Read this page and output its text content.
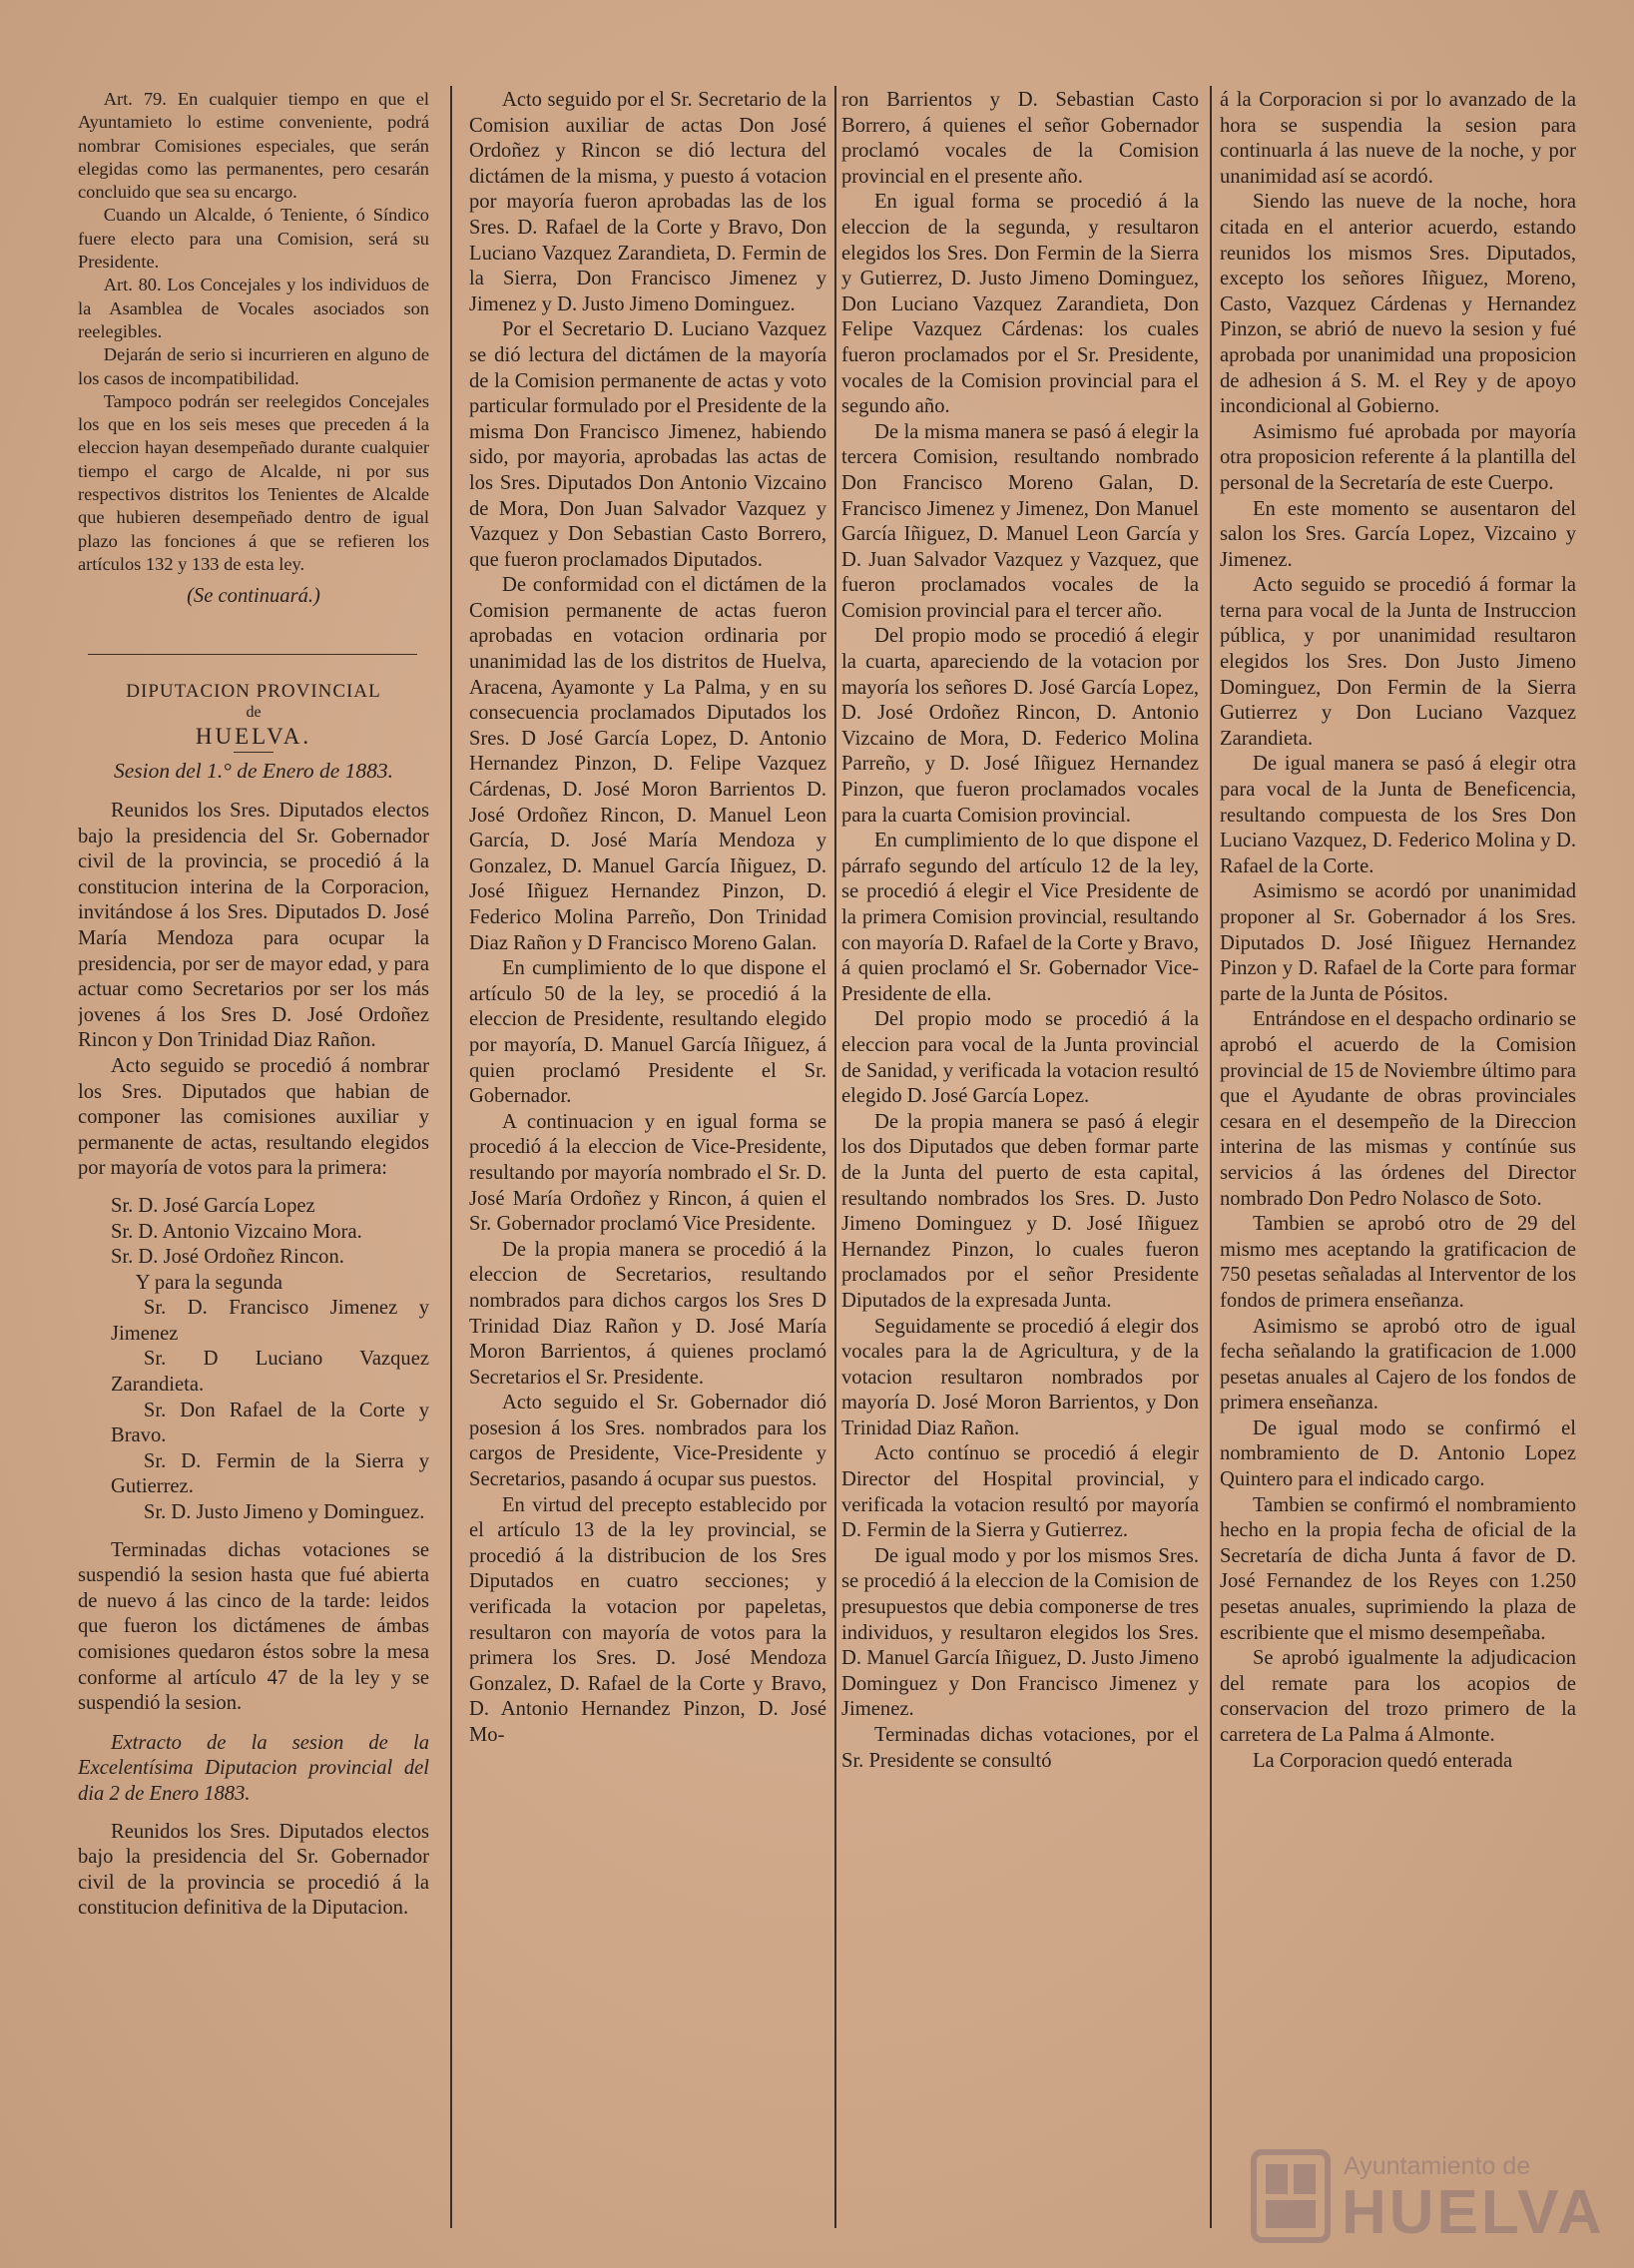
Art. 79. En cualquier tiempo en que el Ayuntamieto lo estime conveniente, podrá nombrar Comisiones especiales, que serán elegidas como las permanentes, pero cesarán concluido que sea su encargo.

Cuando un Alcalde, ó Teniente, ó Síndico fuere electo para una Comision, será su Presidente.

Art. 80. Los Concejales y los individuos de la Asamblea de Vocales asociados son reelegibles.

Dejarán de serio si incurrieren en alguno de los casos de incompatibilidad.

Tampoco podrán ser reelegidos Concejales los que en los seis meses que preceden á la eleccion hayan desempeñado durante cualquier tiempo el cargo de Alcalde, ni por sus respectivos distritos los Tenientes de Alcalde que hubieren desempeñado dentro de igual plazo las fonciones á que se refieren los artículos 132 y 133 de esta ley.

(Se continuará.)
DIPUTACION PROVINCIAL
de
HUELVA.
Sesion del 1.° de Enero de 1883.

Reunidos los Sres. Diputados electos bajo la presidencia del Sr. Gobernador civil de la provincia, se procedió á la constitucion interina de la Corporacion, invitándose á los Sres. Diputados D. José María Mendoza para ocupar la presidencia, por ser de mayor edad, y para actuar como Secretarios por ser los más jovenes á los Sres D. José Ordoñez Rincon y Don Trinidad Diaz Rañon.

Acto seguido se procedió á nombrar los Sres. Diputados que habian de componer las comisiones auxiliar y permanente de actas, resultando elegidos por mayoría de votos para la primera:

Sr. D. José García Lopez

Sr. D. Antonio Vizcaino Mora.

Sr. D. José Ordoñez Rincon.

Y para la segunda

Sr. D. Francisco Jimenez y Jimenez

Sr. D Luciano Vazquez Zarandieta.

Sr. Don Rafael de la Corte y Bravo.

Sr. D. Fermin de la Sierra y Gutierrez.

Sr. D. Justo Jimeno y Dominguez.

Terminadas dichas votaciones se suspendió la sesion hasta que fué abierta de nuevo á las cinco de la tarde: leidos que fueron los dictámenes de ámbas comisiones quedaron éstos sobre la mesa conforme al artículo 47 de la ley y se suspendió la sesion.

Extracto de la sesion de la Excelentísima Diputacion provincial del dia 2 de Enero 1883.

Reunidos los Sres. Diputados electos bajo la presidencia del Sr. Gobernador civil de la provincia se procedió á la constitucion definitiva de la Diputacion.

Acto seguido por el Sr. Secretario de la Comision auxiliar de actas Don José Ordoñez y Rincon se dió lectura del dictámen de la misma, y puesto á votacion por mayoría fueron aprobadas las de los Sres. D. Rafael de la Corte y Bravo, Don Luciano Vazquez Zarandieta, D. Fermin de la Sierra, Don Francisco Jimenez y Jimenez y D. Justo Jimeno Dominguez.

Por el Secretario D. Luciano Vazquez se dió lectura del dictámen de la mayoría de la Comision permanente de actas y voto particular formulado por el Presidente de la misma Don Francisco Jimenez, habiendo sido, por mayoria, aprobadas las actas de los Sres. Diputados Don Antonio Vizcaino de Mora, Don Juan Salvador Vazquez y Vazquez y Don Sebastian Casto Borrero, que fueron proclamados Diputados.

De conformidad con el dictámen de la Comision permanente de actas fueron aprobadas en votacion ordinaria por unanimidad las de los distritos de Huelva, Aracena, Ayamonte y La Palma, y en su consecuencia proclamados Diputados los Sres. D José García Lopez, D. Antonio Hernandez Pinzon, D. Felipe Vazquez Cárdenas, D. José Moron Barrientos D. José Ordoñez Rincon, D. Manuel Leon García, D. José María Mendoza y Gonzalez, D. Manuel García Iñiguez, D. José Iñiguez Hernandez Pinzon, D. Federico Molina Parreño, Don Trinidad Diaz Rañon y D Francisco Moreno Galan.

En cumplimiento de lo que dispone el artículo 50 de la ley, se procedió á la eleccion de Presidente, resultando elegido por mayoría, D. Manuel García Iñiguez, á quien proclamó Presidente el Sr. Gobernador.

A continuacion y en igual forma se procedió á la eleccion de Vice-Presidente, resultando por mayoría nombrado el Sr. D. José María Ordoñez y Rincon, á quien el Sr. Gobernador proclamó Vice Presidente.

De la propia manera se procedió á la eleccion de Secretarios, resultando nombrados para dichos cargos los Sres D Trinidad Diaz Rañon y D. José María Moron Barrientos, á quienes proclamó Secretarios el Sr. Presidente.

Acto seguido el Sr. Gobernador dió posesion á los Sres. nombrados para los cargos de Presidente, Vice-Presidente y Secretarios, pasando á ocupar sus puestos.

En virtud del precepto establecido por el artículo 13 de la ley provincial, se procedió á la distribucion de los Sres Diputados en cuatro secciones; y verificada la votacion por papeletas, resultaron con mayoría de votos para la primera los Sres. D. José Mendoza Gonzalez, D. Rafael de la Corte y Bravo, D. Antonio Hernandez Pinzon, D. José Mo-

ron Barrientos y D. Sebastian Casto Borrero, á quienes el señor Gobernador proclamó vocales de la Comision provincial en el presente año.

En igual forma se procedió á la eleccion de la segunda, y resultaron elegidos los Sres. Don Fermin de la Sierra y Gutierrez, D. Justo Jimeno Dominguez, Don Luciano Vazquez Zarandieta, Don Felipe Vazquez Cárdenas: los cuales fueron proclamados por el Sr. Presidente, vocales de la Comision provincial para el segundo año.

De la misma manera se pasó á elegir la tercera Comision, resultando nombrado Don Francisco Moreno Galan, D. Francisco Jimenez y Jimenez, Don Manuel García Iñiguez, D. Manuel Leon García y D. Juan Salvador Vazquez y Vazquez, que fueron proclamados vocales de la Comision provincial para el tercer año.

Del propio modo se procedió á elegir la cuarta, apareciendo de la votacion por mayoría los señores D. José García Lopez, D. José Ordoñez Rincon, D. Antonio Vizcaino de Mora, D. Federico Molina Parreño, y D. José Iñiguez Hernandez Pinzon, que fueron proclamados vocales para la cuarta Comision provincial.

En cumplimiento de lo que dispone el párrafo segundo del artículo 12 de la ley, se procedió á elegir el Vice Presidente de la primera Comision provincial, resultando con mayoría D. Rafael de la Corte y Bravo, á quien proclamó el Sr. Gobernador Vice-Presidente de ella.

Del propio modo se procedió á la eleccion para vocal de la Junta provincial de Sanidad, y verificada la votacion resultó elegido D. José García Lopez.

De la propia manera se pasó á elegir los dos Diputados que deben formar parte de la Junta del puerto de esta capital, resultando nombrados los Sres. D. Justo Jimeno Dominguez y D. José Iñiguez Hernandez Pinzon, lo cuales fueron proclamados por el señor Presidente Diputados de la expresada Junta.

Seguidamente se procedió á elegir dos vocales para la de Agricultura, y de la votacion resultaron nombrados por mayoría D. José Moron Barrientos, y Don Trinidad Diaz Rañon.

Acto contínuo se procedió á elegir Director del Hospital provincial, y verificada la votacion resultó por mayoría D. Fermin de la Sierra y Gutierrez.

De igual modo y por los mismos Sres. se procedió á la eleccion de la Comision de presupuestos que debia componerse de tres individuos, y resultaron elegidos los Sres. D. Manuel García Iñiguez, D. Justo Jimeno Dominguez y Don Francisco Jimenez y Jimenez.

Terminadas dichas votaciones, por el Sr. Presidente se consultó

á la Corporacion si por lo avanzado de la hora se suspendia la sesion para continuarla á las nueve de la noche, y por unanimidad así se acordó.

Siendo las nueve de la noche, hora citada en el anterior acuerdo, estando reunidos los mismos Sres. Diputados, excepto los señores Iñiguez, Moreno, Casto, Vazquez Cárdenas y Hernandez Pinzon, se abrió de nuevo la sesion y fué aprobada por unanimidad una proposicion de adhesion á S. M. el Rey y de apoyo incondicional al Gobierno.

Asimismo fué aprobada por mayoría otra proposicion referente á la plantilla del personal de la Secretaría de este Cuerpo.

En este momento se ausentaron del salon los Sres. García Lopez, Vizcaino y Jimenez.

Acto seguido se procedió á formar la terna para vocal de la Junta de Instruccion pública, y por unanimidad resultaron elegidos los Sres. Don Justo Jimeno Dominguez, Don Fermin de la Sierra Gutierrez y Don Luciano Vazquez Zarandieta.

De igual manera se pasó á elegir otra para vocal de la Junta de Beneficencia, resultando compuesta de los Sres Don Luciano Vazquez, D. Federico Molina y D. Rafael de la Corte.

Asimismo se acordó por unanimidad proponer al Sr. Gobernador á los Sres. Diputados D. José Iñiguez Hernandez Pinzon y D. Rafael de la Corte para formar parte de la Junta de Pósitos.

Entrándose en el despacho ordinario se aprobó el acuerdo de la Comision provincial de 15 de Noviembre último para que el Ayudante de obras provinciales cesara en el desempeño de la Direccion interina de las mismas y contínúe sus servicios á las órdenes del Director nombrado Don Pedro Nolasco de Soto.

Tambien se aprobó otro de 29 del mismo mes aceptando la gratificacion de 750 pesetas señaladas al Interventor de los fondos de primera enseñanza.

Asimismo se aprobó otro de igual fecha señalando la gratificacion de 1.000 pesetas anuales al Cajero de los fondos de primera enseñanza.

De igual modo se confirmó el nombramiento de D. Antonio Lopez Quintero para el indicado cargo.

Tambien se confirmó el nombramiento hecho en la propia fecha de oficial de la Secretaría de dicha Junta á favor de D. José Fernandez de los Reyes con 1.250 pesetas anuales, suprimiendo la plaza de escribiente que el mismo desempeñaba.

Se aprobó igualmente la adjudicacion del remate para los acopios de conservacion del trozo primero de la carretera de La Palma á Almonte.

La Corporacion quedó enterada

Ayuntamiento de
HUELVA
